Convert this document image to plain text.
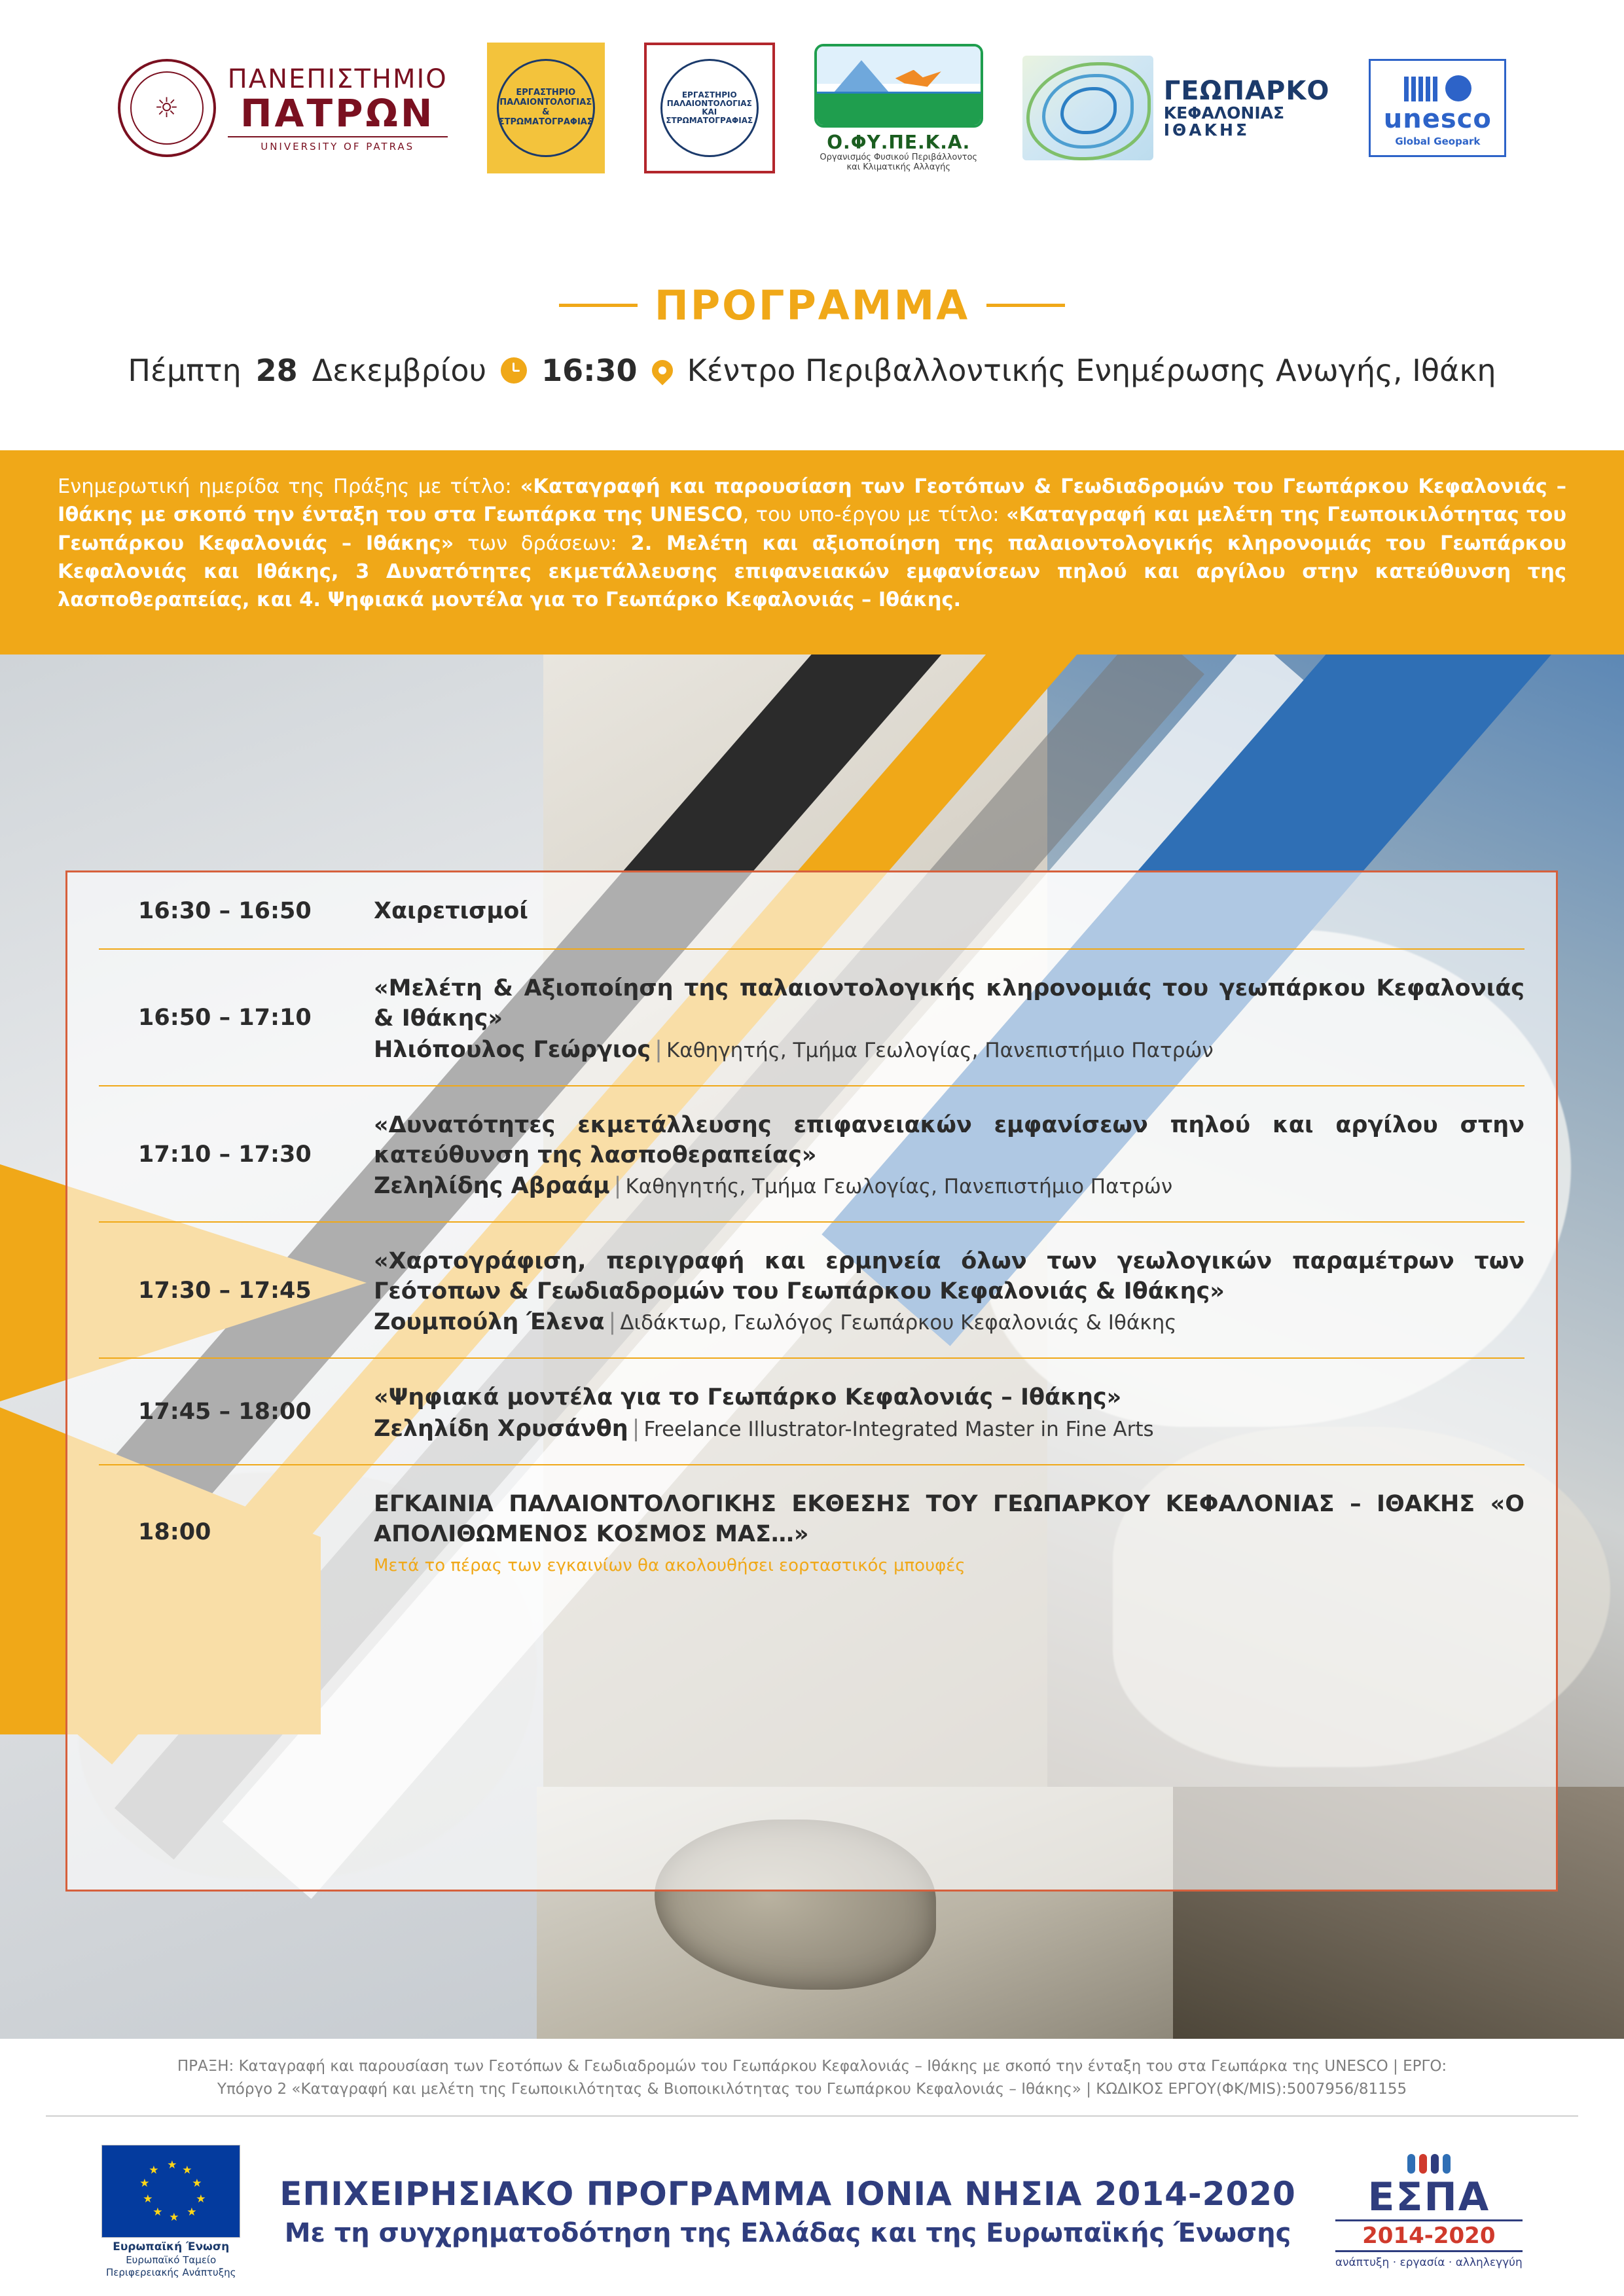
☼
ΠΑΝΕΠΙΣΤΗΜΙΟ
ΠΑΤΡΩΝ
UNIVERSITY OF PATRAS
ΕΡΓΑΣΤΗΡΙΟ ΠΑΛΑΙΟΝΤΟΛΟΓΙΑΣ & ΣΤΡΩΜΑΤΟΓΡΑΦΙΑΣ
ΕΡΓΑΣΤΗΡΙΟ ΠΑΛΑΙΟΝΤΟΛΟΓΙΑΣ ΚΑΙ ΣΤΡΩΜΑΤΟΓΡΑΦΙΑΣ
Ο.ΦΥ.ΠΕ.Κ.Α.
Οργανισμός Φυσικού Περιβάλλοντος
και Κλιματικής Αλλαγής
ΓΕΩΠΑΡΚΟ
ΚΕΦΑΛΟΝΙΑΣ
ΙΘΑΚΗΣ	unesco
Global Geopark
ΠΡΟΓΡΑΜΜΑ
Πέμπτη 28 Δεκεμβρίου 16:30 Κέντρο Περιβαλλοντικής Ενημέρωσης Ανωγής, Ιθάκη

Ενημερωτική ημερίδα της Πράξης με τίτλο: «Καταγραφή και παρουσίαση των Γεοτόπων & Γεωδιαδρομών του Γεωπάρκου Κεφαλονιάς – Ιθάκης με σκοπό την ένταξη του στα Γεωπάρκα της UNESCO, του υπο-έργου με τίτλο: «Καταγραφή και μελέτη της Γεωποικιλότητας του Γεωπάρκου Κεφαλονιάς – Ιθάκης» των δράσεων: 2. Μελέτη και αξιοποίηση της παλαιοντολογικής κληρονομιάς του Γεωπάρκου Κεφαλονιάς και Ιθάκης, 3 Δυνατότητες εκμετάλλευσης επιφανειακών εμφανίσεων πηλού και αργίλου στην κατεύθυνση της λασποθεραπείας, και 4. Ψηφιακά μοντέλα για το Γεωπάρκο Κεφαλονιάς – Ιθάκης.

16:30 – 16:50	Χαιρετισμοί
16:50 – 17:10
«Μελέτη & Αξιοποίηση της παλαιοντολογικής κληρονομιάς του γεωπάρκου Κεφαλονιάς & Ιθάκης»
Ηλιόπουλος Γεώργιος | Καθηγητής, Τμήμα Γεωλογίας, Πανεπιστήμιο Πατρών
17:10 – 17:30
«Δυνατότητες εκμετάλλευσης επιφανειακών εμφανίσεων πηλού και αργίλου στην κατεύθυνση της λασποθεραπείας»
Ζεληλίδης Αβραάμ | Καθηγητής, Τμήμα Γεωλογίας, Πανεπιστήμιο Πατρών
17:30 – 17:45
«Χαρτογράφιση, περιγραφή και ερμηνεία όλων των γεωλογικών παραμέτρων των Γεότοπων & Γεωδιαδρομών του Γεωπάρκου Κεφαλονιάς & Ιθάκης»
Ζουμπούλη Έλενα | Διδάκτωρ, Γεωλόγος Γεωπάρκου Κεφαλονιάς & Ιθάκης
17:45 – 18:00
«Ψηφιακά μοντέλα για το Γεωπάρκο Κεφαλονιάς – Ιθάκης»
Ζεληλίδη Χρυσάνθη | Freelance Illustrator-Integrated Master in Fine Arts
18:00
ΕΓΚΑΙΝΙΑ ΠΑΛΑΙΟΝΤΟΛΟΓΙΚΗΣ ΕΚΘΕΣΗΣ ΤΟΥ ΓΕΩΠΑΡΚΟΥ ΚΕΦΑΛΟΝΙΑΣ – ΙΘΑΚΗΣ «Ο ΑΠΟΛΙΘΩΜΕΝΟΣ ΚΟΣΜΟΣ ΜΑΣ…»
Μετά το πέρας των εγκαινίων θα ακολουθήσει εορταστικός μπουφές
ΠΡΑΞΗ: Καταγραφή και παρουσίαση των Γεοτόπων & Γεωδιαδρομών του Γεωπάρκου Κεφαλονιάς – Ιθάκης με σκοπό την ένταξη του στα Γεωπάρκα της UNESCO | ΕΡΓΟ:
Υπόργο 2 «Καταγραφή και μελέτη της Γεωποικιλότητας & Βιοποικιλότητας του Γεωπάρκου Κεφαλονιάς – Ιθάκης» | ΚΩΔΙΚΟΣ ΕΡΓΟΥ(ΦΚ/MIS):5007956/81155
★ ★
★
★
★
★
★
★
★
★
Ευρωπαϊκή Ένωση
Ευρωπαϊκό Ταμείο
Περιφερειακής Ανάπτυξης
ΕΠΙΧΕΙΡΗΣΙΑΚΟ ΠΡΟΓΡΑΜΜΑ ΙΟΝΙΑ ΝΗΣΙΑ 2014-2020
Με τη συγχρηματοδότηση της Ελλάδας και της Ευρωπαϊκής Ένωσης
ΕΣΠΑ
2014-2020
ανάπτυξη · εργασία · αλληλεγγύη
